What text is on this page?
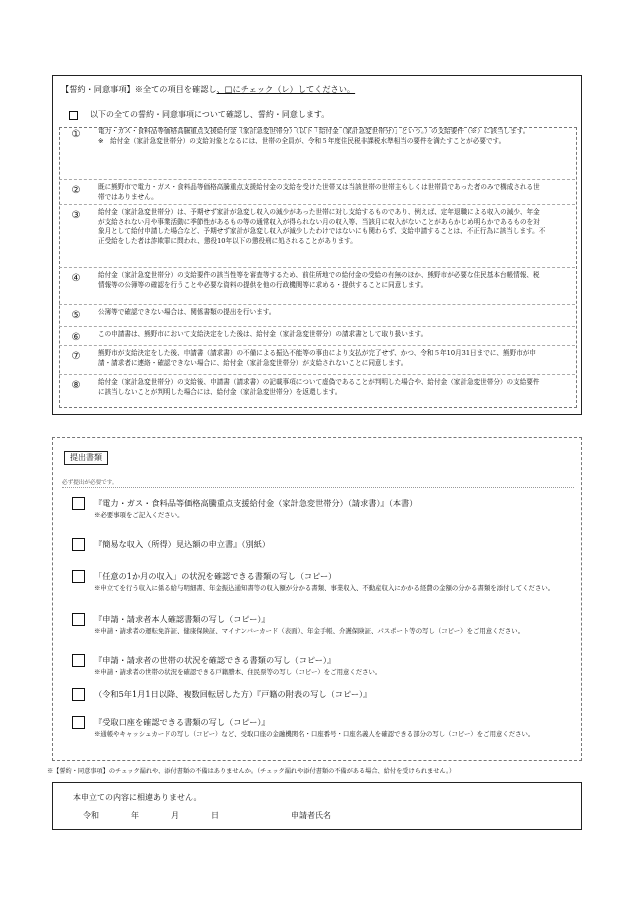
【誓約・同意事項】※全ての項目を確認し、□にチェック（レ）してください。
以下の全ての誓約・同意事項について確認し、誓約・同意します。
①	電力・ガス・食料品等価格高騰重点支援給付金（家計急変世帯分）（以下「給付金（家計急変世帯分）」という。）の支給要件（※）に該当します。
※　給付金（家計急変世帯分）の支給対象となるには、世帯の全員が、令和５年度住民税非課税水準相当の要件を満たすことが必要です。
②	既に熊野市で電力・ガス・食料品等価格高騰重点支援給付金の支給を受けた世帯又は当該世帯の世帯主もしくは世帯員であった者のみで構成される世帯ではありません。
③	給付金（家計急変世帯分）は、予期せず家計が急変し収入の減少があった世帯に対し支給するものであり、例えば、定年退職による収入の減少、年金が支給されない月や事業活動に季節性があるもの等の通常収入が得られない月の収入等、当該月に収入がないことがあらかじめ明らかであるものを対象月として給付申請した場合など、予期せず家計が急変し収入が減少したわけではないにも関わらず、支給申請することは、不正行為に該当します。不正受給をした者は詐欺罪に問われ、懲役10年以下の懲役刑に処されることがあります。
④	給付金（家計急変世帯分）の支給要件の該当性等を審査等するため、前住所地での給付金の受給の有無のほか、熊野市が必要な住民基本台帳情報、税情報等の公簿等の確認を行うことや必要な資料の提供を他の行政機関等に求める・提供することに同意します。
⑤	公簿等で確認できない場合は、関係書類の提出を行います。
⑥	この申請書は、熊野市において支給決定をした後は、給付金（家計急変世帯分）の請求書として取り扱います。
⑦	熊野市が支給決定をした後、申請書（請求書）の不備による振込不能等の事由により支払が完了せず、かつ、令和５年10月31日までに、熊野市が申請・請求者に連絡・確認できない場合に、給付金（家計急変世帯分）が支給されないことに同意します。
⑧	給付金（家計急変世帯分）の支給後、申請書（請求書）の記載事項について虚偽であることが判明した場合や、給付金（家計急変世帯分）の支給要件に該当しないことが判明した場合には、給付金（家計急変世帯分）を返還します。
提出書類
必ず提出が必要です。
『電力・ガス・食料品等価格高騰重点支援給付金（家計急変世帯分）（請求書）』（本書）
※必要事項をご記入ください。
『簡易な収入（所得）見込額の申立書』（別紙）
「任意の1か月の収入」の状況を確認できる書類の写し（コピー）
※申立てを行う収入に係る給与明細書、年金振込通知書等の収入額が分かる書類、事業収入、不動産収入にかかる経費の金額の分かる書類を添付してください。
『申請・請求者本人確認書類の写し（コピー）』
※申請・請求者の運転免許証、健康保険証、マイナンバーカード（表面）、年金手帳、介護保険証、パスポート等の写し（コピー）をご用意ください。
『申請・請求者の世帯の状況を確認できる書類の写し（コピー）』
※申請・請求者の世帯の状況を確認できる戸籍謄本、住民票等の写し（コピー）をご用意ください。
（令和5年1月1日以降、複数回転居した方）『戸籍の附表の写し（コピー）』
『受取口座を確認できる書類の写し（コピー）』
※通帳やキャッシュカードの写し（コピー）など、受取口座の金融機関名・口座番号・口座名義人を確認できる部分の写し（コピー）をご用意ください。
※【誓約・同意事項】のチェック漏れや、添付書類の不備はありませんか。（チェック漏れや添付書類の不備がある場合、給付を受けられません。）
本申立ての内容に相違ありません。
令和	年	月	日	申請者氏名
